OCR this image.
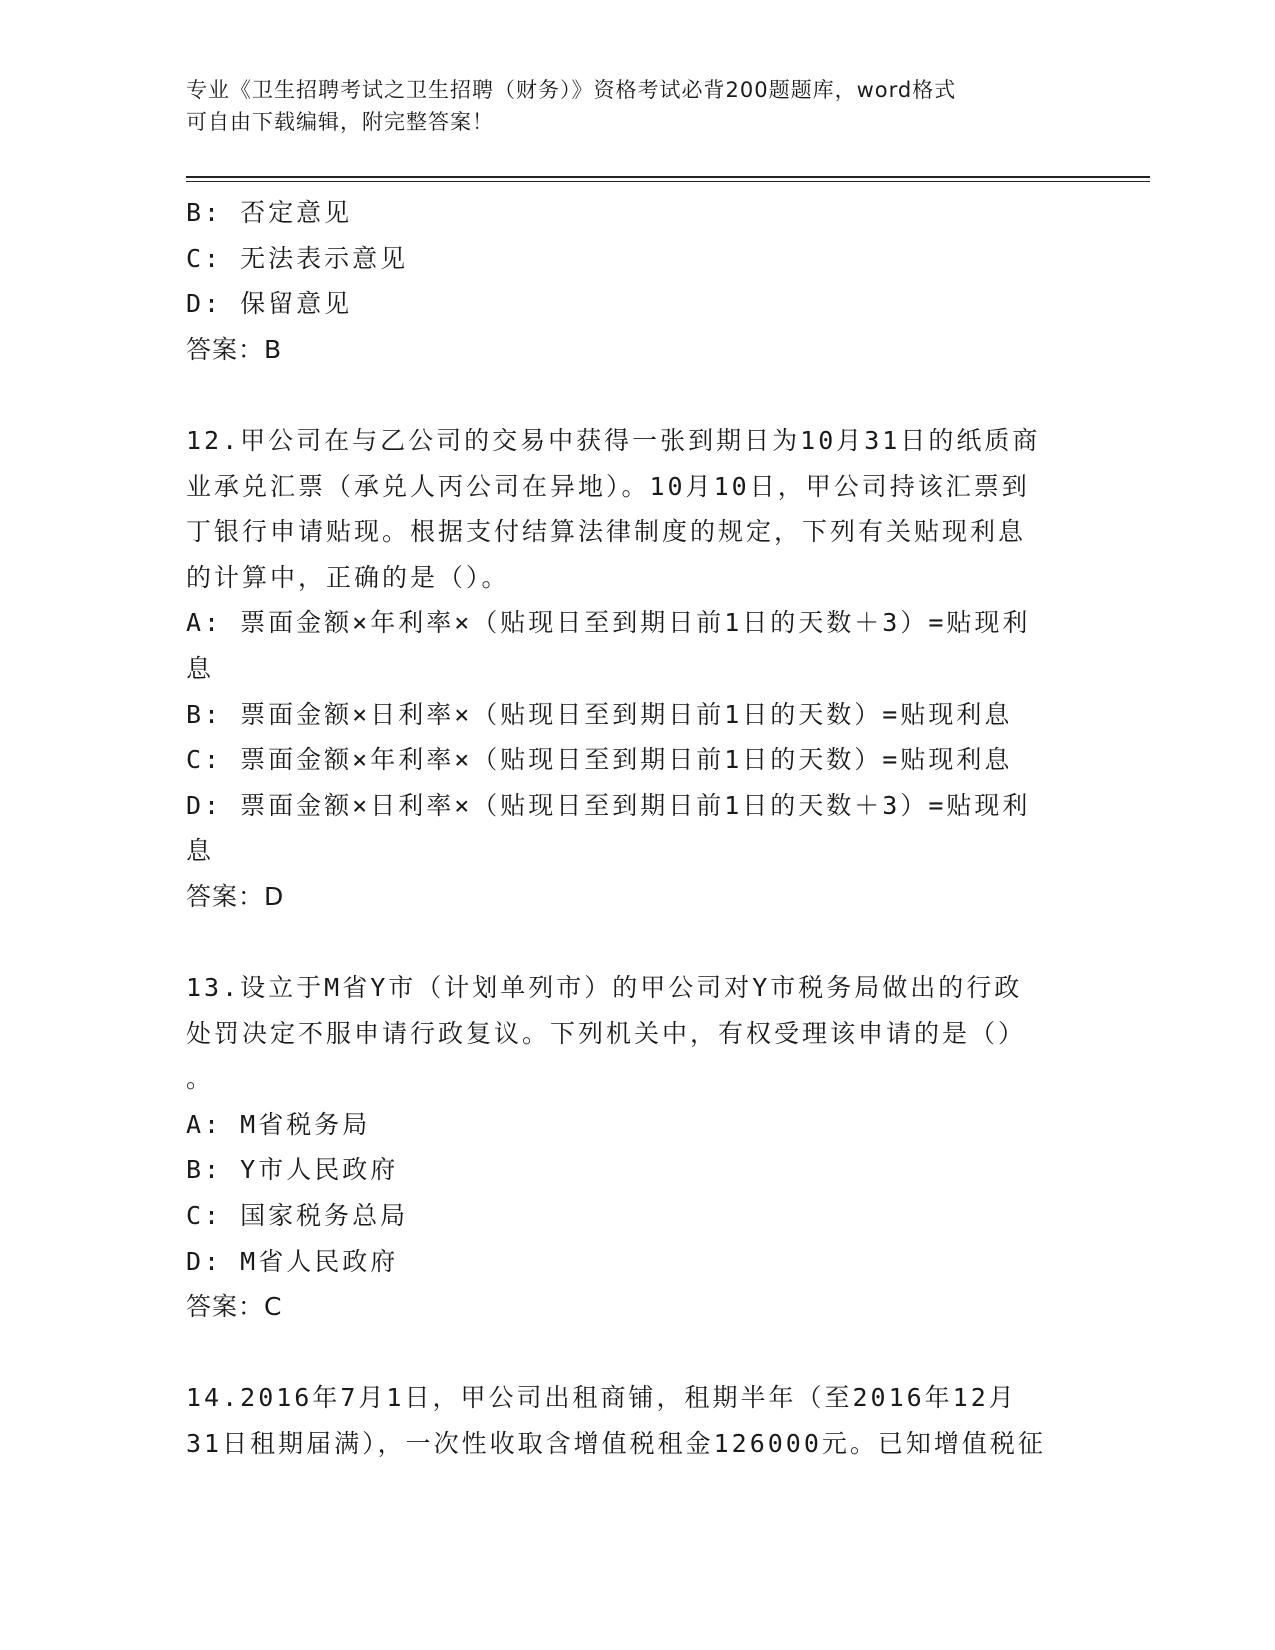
专业《卫生招聘考试之卫生招聘（财务）》资格考试必背200题题库，word格式
可自由下载编辑，附完整答案！

B: 否定意见

C: 无法表示意见

D: 保留意见

答案：B

12.甲公司在与乙公司的交易中获得一张到期日为10月31日的纸质商

业承兑汇票（承兑人丙公司在异地）。10月10日，甲公司持该汇票到

丁银行申请贴现。根据支付结算法律制度的规定，下列有关贴现利息

的计算中，正确的是（）。

A: 票面金额×年利率×（贴现日至到期日前1日的天数＋3）=贴现利

息

B: 票面金额×日利率×（贴现日至到期日前1日的天数）=贴现利息

C: 票面金额×年利率×（贴现日至到期日前1日的天数）=贴现利息

D: 票面金额×日利率×（贴现日至到期日前1日的天数＋3）=贴现利

息

答案：D

13.设立于M省Y市（计划单列市）的甲公司对Y市税务局做出的行政

处罚决定不服申请行政复议。下列机关中，有权受理该申请的是（）

。

A: M省税务局

B: Y市人民政府

C: 国家税务总局

D: M省人民政府

答案：C

14.2016年7月1日，甲公司出租商铺，租期半年（至2016年12月

31日租期届满），一次性收取含增值税租金126000元。已知增值税征
